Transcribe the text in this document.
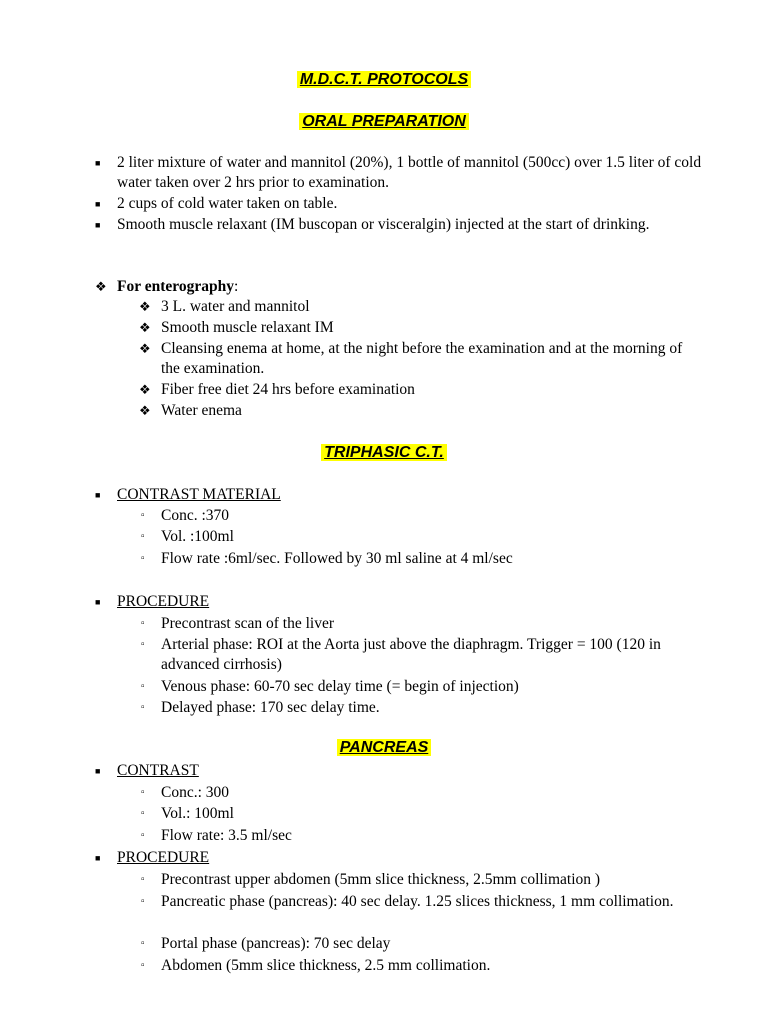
M.D.C.T. PROTOCOLS
ORAL PREPARATION
■ 2 liter mixture of water and mannitol (20%), 1 bottle of mannitol (500cc) over 1.5 liter of cold water taken over 2 hrs prior to examination.
■ 2 cups of cold water taken on table.
■ Smooth muscle relaxant (IM buscopan or visceralgin) injected at the start of drinking.
❖ For enterography:
❖ 3 L. water and mannitol
❖ Smooth muscle relaxant IM
❖ Cleansing enema at home, at the night before the examination and at the morning of the examination.
❖ Fiber free diet 24 hrs before examination
❖ Water enema
TRIPHASIC C.T.
■ CONTRAST MATERIAL
▫ Conc. :370
▫ Vol. :100ml
▫ Flow rate :6ml/sec. Followed by 30 ml saline at 4 ml/sec
■ PROCEDURE
▫ Precontrast scan of the liver
▫ Arterial phase: ROI at the Aorta just above the diaphragm. Trigger = 100 (120 in advanced cirrhosis)
▫ Venous phase: 60-70 sec delay time (= begin of injection)
▫ Delayed phase: 170 sec delay time.
PANCREAS
■ CONTRAST
▫ Conc.: 300
▫ Vol.: 100ml
▫ Flow rate: 3.5 ml/sec
■ PROCEDURE
▫ Precontrast upper abdomen (5mm slice thickness, 2.5mm collimation )
▫ Pancreatic phase (pancreas): 40 sec delay. 1.25 slices thickness, 1 mm collimation.
▫ Portal phase (pancreas): 70 sec delay
▫ Abdomen (5mm slice thickness, 2.5 mm collimation.
